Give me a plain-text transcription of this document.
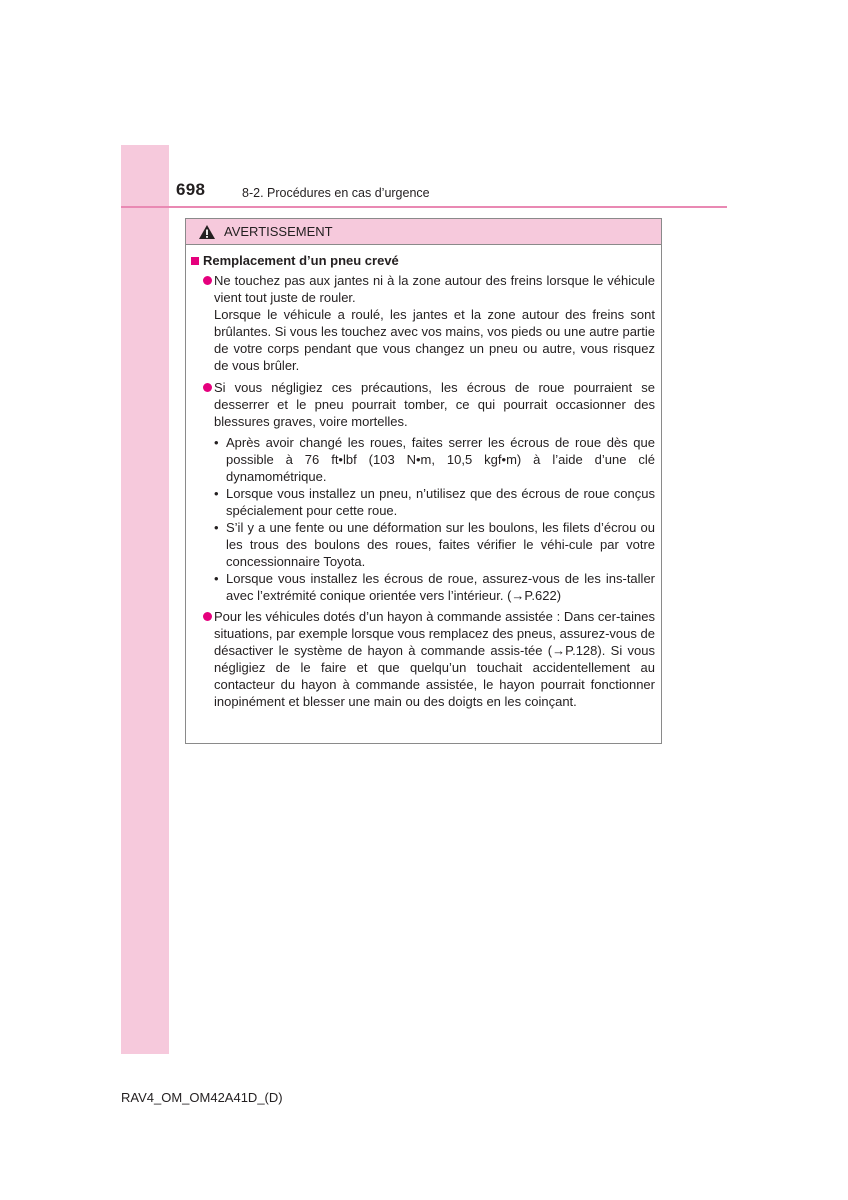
698	8-2. Procédures en cas d’urgence
AVERTISSEMENT
Remplacement d’un pneu crevé

Ne touchez pas aux jantes ni à la zone autour des freins lorsque le véhicule vient tout juste de rouler.

Lorsque le véhicule a roulé, les jantes et la zone autour des freins sont brûlantes. Si vous les touchez avec vos mains, vos pieds ou une autre partie de votre corps pendant que vous changez un pneu ou autre, vous risquez de vous brûler.

Si vous négligiez ces précautions, les écrous de roue pourraient se desserrer et le pneu pourrait tomber, ce qui pourrait occasionner des blessures graves, voire mortelles.

• Après avoir changé les roues, faites serrer les écrous de roue dès que possible à 76 ft•lbf (103 N•m, 10,5 kgf•m) à l’aide d’une clé dynamométrique.
• Lorsque vous installez un pneu, n’utilisez que des écrous de roue conçus spécialement pour cette roue.
• S’il y a une fente ou une déformation sur les boulons, les filets d’écrou ou les trous des boulons des roues, faites vérifier le véhi-cule par votre concessionnaire Toyota.
• Lorsque vous installez les écrous de roue, assurez-vous de les ins-taller avec l’extrémité conique orientée vers l’intérieur. (→P.622)

Pour les véhicules dotés d’un hayon à commande assistée : Dans cer-taines situations, par exemple lorsque vous remplacez des pneus, assurez-vous de désactiver le système de hayon à commande assis-tée (→P.128). Si vous négligiez de le faire et que quelqu’un touchait accidentellement au contacteur du hayon à commande assistée, le hayon pourrait fonctionner inopinément et blesser une main ou des doigts en les coinçant.

RAV4_OM_OM42A41D_(D)
